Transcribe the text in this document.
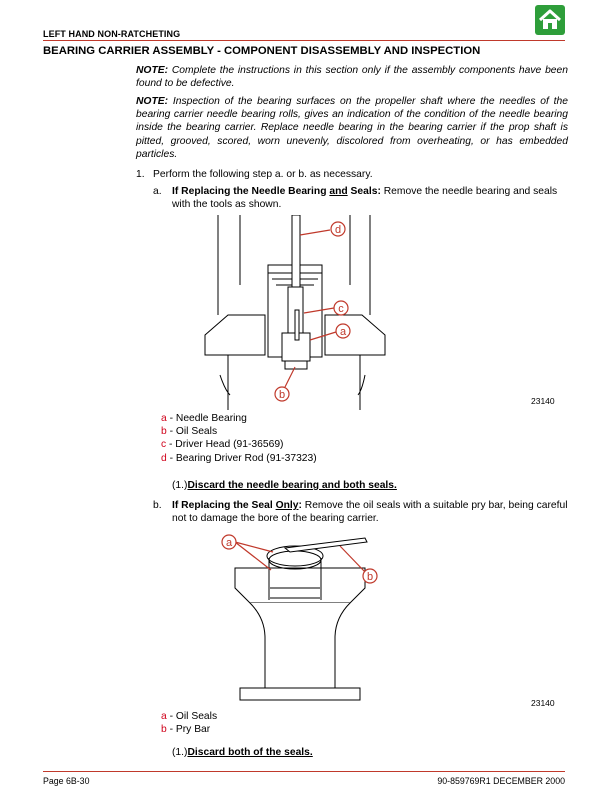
LEFT HAND NON-RATCHETING
BEARING CARRIER ASSEMBLY - COMPONENT DISASSEMBLY AND INSPECTION
NOTE: Complete the instructions in this section only if the assembly components have been found to be defective.
NOTE: Inspection of the bearing surfaces on the propeller shaft where the needles of the bearing carrier needle bearing rolls, gives an indication of the condition of the needle bearing inside the bearing carrier. Replace needle bearing in the bearing carrier if the prop shaft is pitted, grooved, scored, worn unevenly, discolored from overheating, or has embedded particles.
1. Perform the following step a. or b. as necessary.
a. If Replacing the Needle Bearing and Seals: Remove the needle bearing and seals with the tools as shown.
d
c
a
b	23140
a - Needle Bearing
b - Oil Seals
c - Driver Head (91-36569)
d - Bearing Driver Rod (91-37323)
(1.)Discard the needle bearing and both seals.
b. If Replacing the Seal Only: Remove the oil seals with a suitable pry bar, being careful not to damage the bore of the bearing carrier.
a
b
23140
a - Oil Seals
b - Pry Bar
(1.)Discard both of the seals.
Page 6B-30	90-859769R1 DECEMBER 2000
